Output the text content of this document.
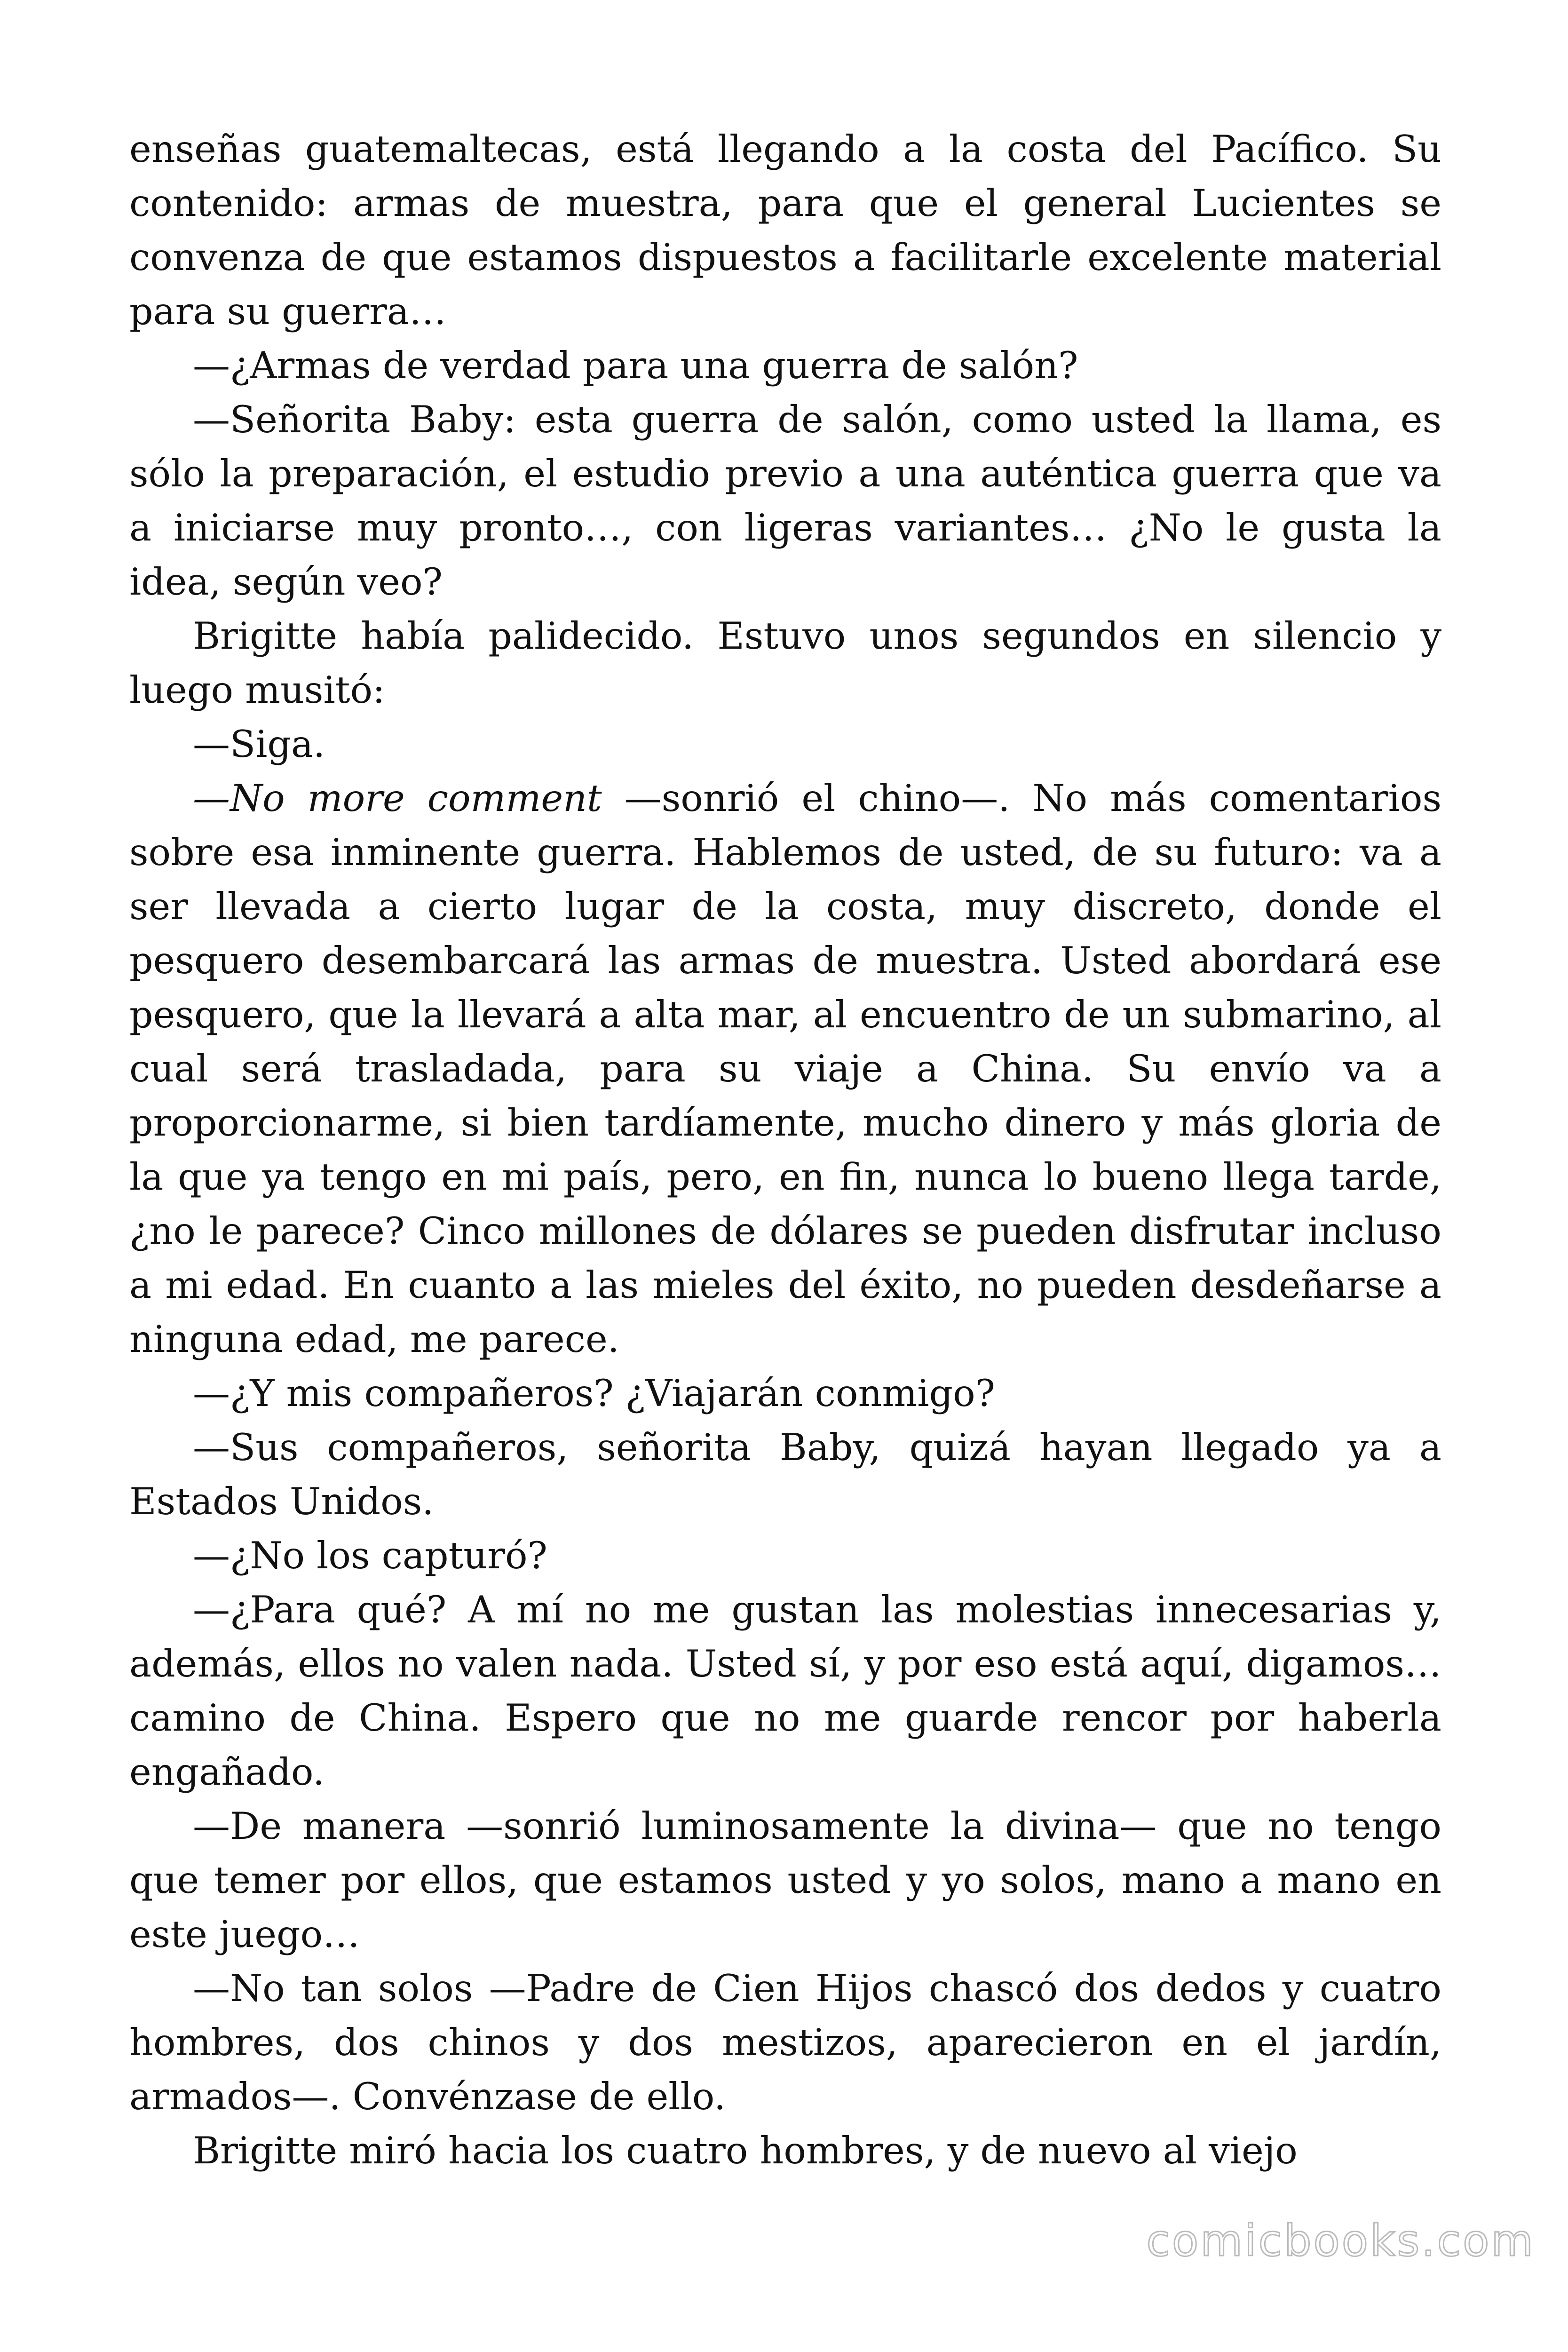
enseñas guatemaltecas, está llegando a la costa del Pacífico. Su contenido: armas de muestra, para que el general Lucientes se convenza de que estamos dispuestos a facilitarle excelente material para su guerra…

—¿Armas de verdad para una guerra de salón?

—Señorita Baby: esta guerra de salón, como usted la llama, es sólo la preparación, el estudio previo a una auténtica guerra que va a iniciarse muy pronto…, con ligeras variantes… ¿No le gusta la idea, según veo?

Brigitte había palidecido. Estuvo unos segundos en silencio y luego musitó:

—Siga.

—No more comment —sonrió el chino—. No más comentarios sobre esa inminente guerra. Hablemos de usted, de su futuro: va a ser llevada a cierto lugar de la costa, muy discreto, donde el pesquero desembarcará las armas de muestra. Usted abordará ese pesquero, que la llevará a alta mar, al encuentro de un submarino, al cual será trasladada, para su viaje a China. Su envío va a proporcionarme, si bien tardíamente, mucho dinero y más gloria de la que ya tengo en mi país, pero, en fin, nunca lo bueno llega tarde, ¿no le parece? Cinco millones de dólares se pueden disfrutar incluso a mi edad. En cuanto a las mieles del éxito, no pueden desdeñarse a ninguna edad, me parece.

—¿Y mis compañeros? ¿Viajarán conmigo?

—Sus compañeros, señorita Baby, quizá hayan llegado ya a Estados Unidos.

—¿No los capturó?

—¿Para qué? A mí no me gustan las molestias innecesarias y, además, ellos no valen nada. Usted sí, y por eso está aquí, digamos… camino de China. Espero que no me guarde rencor por haberla engañado.

—De manera —sonrió luminosamente la divina— que no tengo que temer por ellos, que estamos usted y yo solos, mano a mano en este juego…

—No tan solos —Padre de Cien Hijos chascó dos dedos y cuatro hombres, dos chinos y dos mestizos, aparecieron en el jardín, armados—. Convénzase de ello.

Brigitte miró hacia los cuatro hombres, y de nuevo al viejo

comicbooks.com
